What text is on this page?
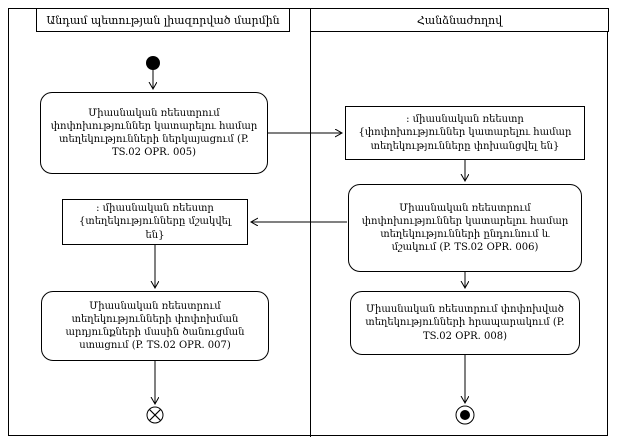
Անդամ պետության լիազորված մարմին	Հանձնաժողով
Միասնական ռեեստրում փոփոխություններ կատարելու համար տեղեկությունների ներկայացում (P. TS.02 OPR. 005)
: միասնական ռեեստր
{փոփոխություններ կատարելու համար տեղեկությունները փոխանցվել են}
Միասնական ռեեստրում փոփոխություններ կատարելու համար տեղեկությունների ընդունում և մշակում (P. TS.02 OPR. 006)
: միասնական ռեեստր
{տեղեկությունները մշակվել են}
Միասնական ռեեստրում տեղեկությունների փոփոխման արդյունքների մասին ծանուցման ստացում (P. TS.02 OPR. 007)
Միասնական ռեեստրում փոփոխված տեղեկությունների հրապարակում (P. TS.02 OPR. 008)
